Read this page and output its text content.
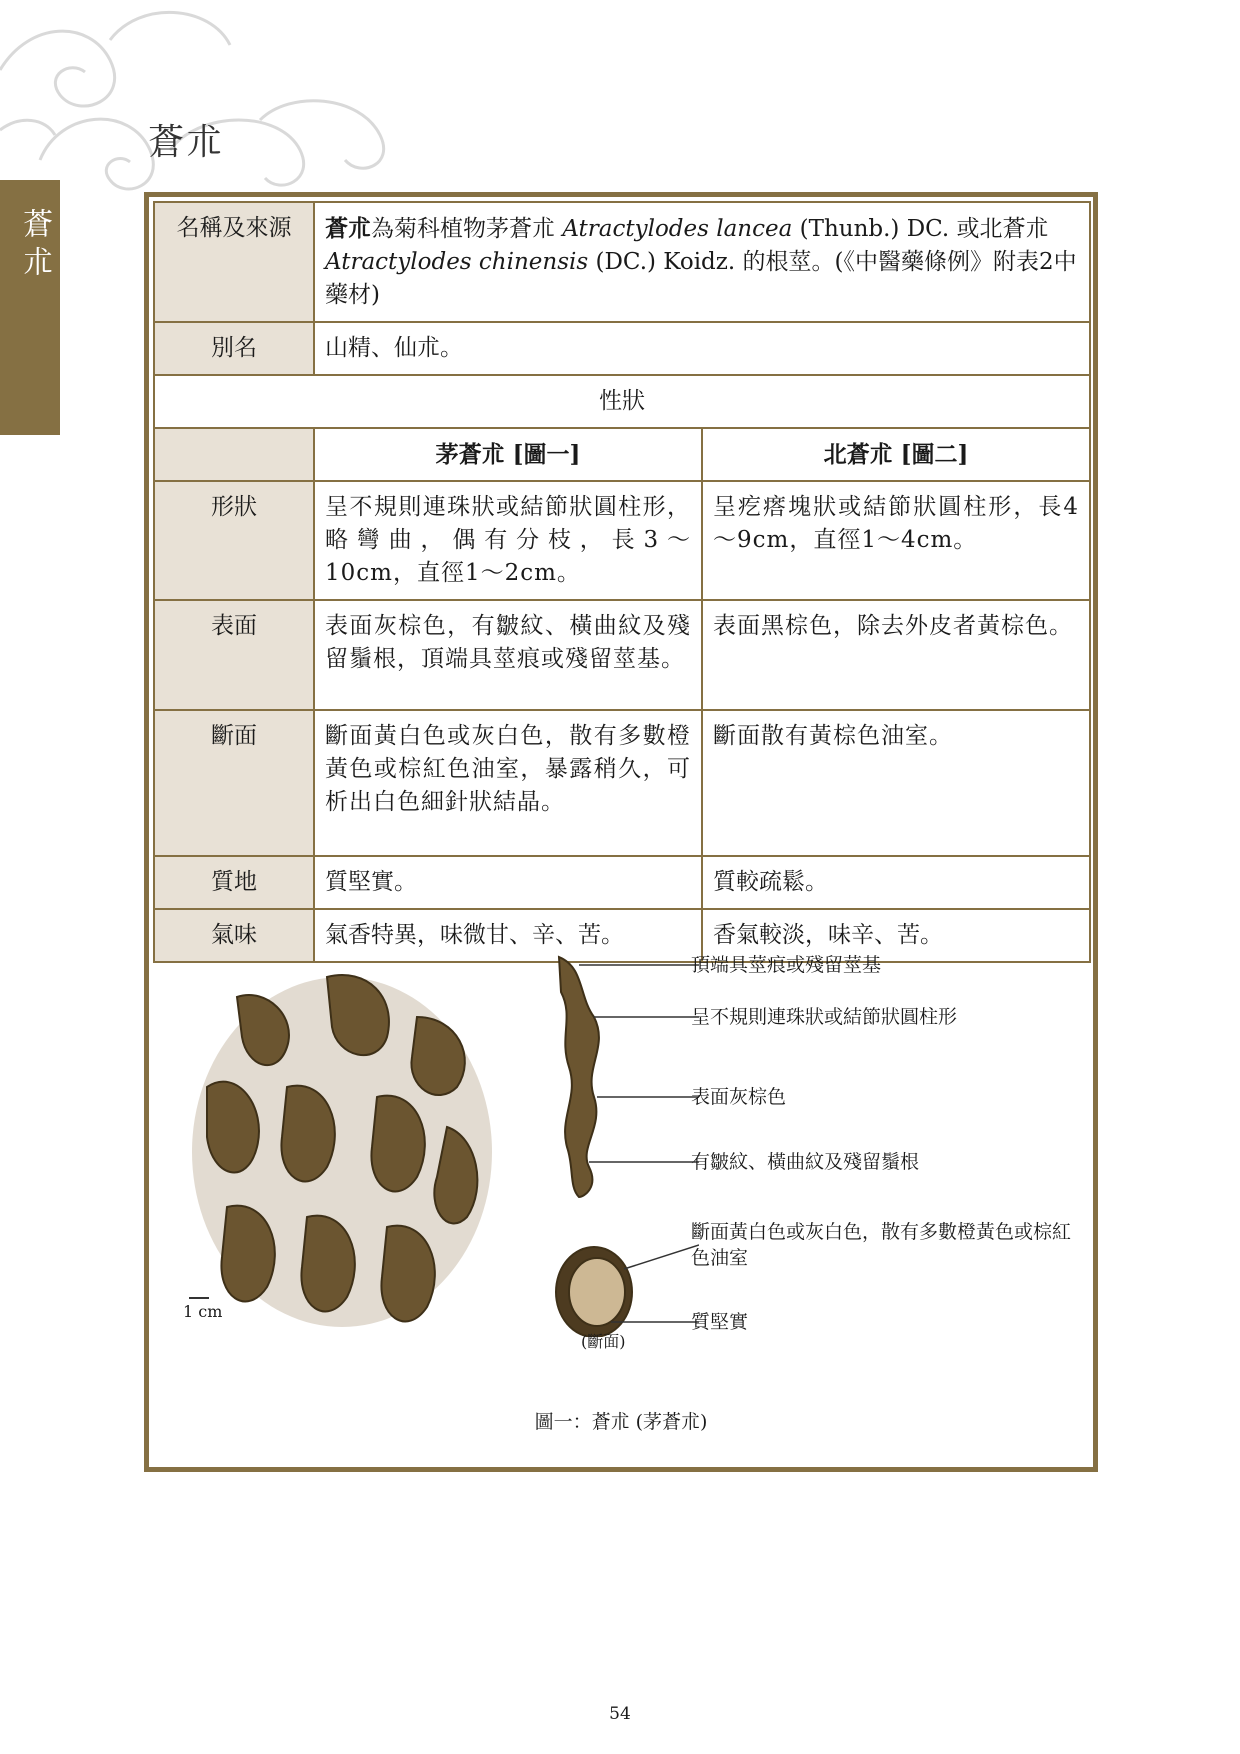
蒼朮
蒼朮
名稱及來源	蒼朮為菊科植物茅蒼朮 Atractylodes lancea (Thunb.) DC. 或北蒼朮 Atractylodes chinensis (DC.) Koidz. 的根莖。(《中醫藥條例》附表2中藥材)	
別名	山精、仙朮。	
性狀		
	茅蒼朮 [圖一]	北蒼朮 [圖二]
形狀	呈不規則連珠狀或結節狀圓柱形，略彎曲，偶有分枝，長3～10cm，直徑1～2cm。	呈疙瘩塊狀或結節狀圓柱形，長4～9cm，直徑1～4cm。
表面	表面灰棕色，有皺紋、橫曲紋及殘留鬚根，頂端具莖痕或殘留莖基。	表面黑棕色，除去外皮者黃棕色。
斷面	斷面黃白色或灰白色，散有多數橙黃色或棕紅色油室，暴露稍久，可析出白色細針狀結晶。	斷面散有黃棕色油室。
質地	質堅實。	質較疏鬆。
氣味	氣香特異，味微甘、辛、苦。	香氣較淡，味辛、苦。
1 cm
(斷面)
頂端具莖痕或殘留莖基
呈不規則連珠狀或結節狀圓柱形
表面灰棕色
有皺紋、橫曲紋及殘留鬚根
斷面黃白色或灰白色，散有多數橙黃色或棕紅色油室
質堅實
圖一：蒼朮 (茅蒼朮)
54
